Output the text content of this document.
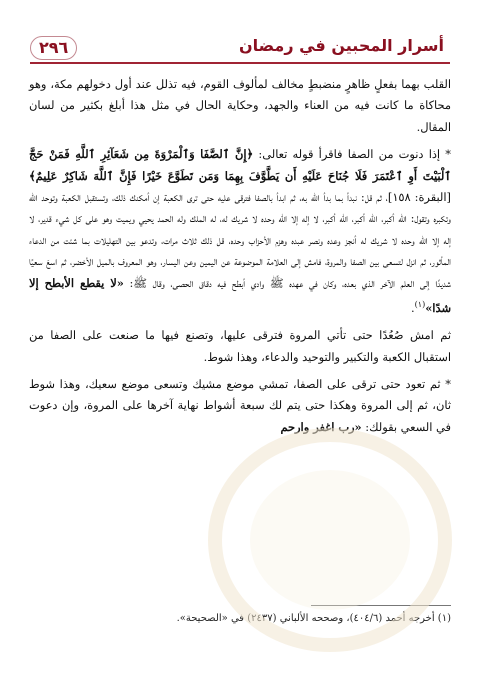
٢٩٦	أسرار المحبين في رمضان

القلب بهما بفعلٍ ظاهرٍ منضبطٍ مخالف لمألوف القوم، فيه تذلل عند أول دخولهم مكة، وهو محاكاة ما كانت فيه من العناء والجهد، وحكاية الحال في مثل هذا أبلغ بكثير من لسان المقال.

* إذا دنوت من الصفا فاقرأ قوله تعالى: ﴿إِنَّ ٱلصَّفَا وَٱلْمَرْوَةَ مِن شَعَآئِرِ ٱللَّهِ فَمَنْ حَجَّ ٱلْبَيْتَ أَوِ ٱعْتَمَرَ فَلَا جُنَاحَ عَلَيْهِ أَن يَطَّوَّفَ بِهِمَا وَمَن تَطَوَّعَ خَيْرًا فَإِنَّ ٱللَّهَ شَاكِرٌ عَلِيمٌ﴾ [البقرة: ١٥٨]، ثم قل: نبدأ بما بدأ الله به، ثم ابدأ بالصفا فترقى عليه حتى ترى الكعبة إن أمكنك ذلك، وتستقبل الكعبة وتوحد الله وتكبره وتقول: الله أكبر، الله أكبر، الله أكبر، لا إله إلا الله وحده لا شريك له، له الملك وله الحمد يحيي ويميت وهو على كل شيء قدير، لا إله إلا الله وحده لا شريك له أنجز وعده ونصر عبده وهزم الأحزاب وحده، قل ذلك ثلاث مرات، وتدعو بين التهليلات بما شئت من الدعاء المأثور، ثم انزل لتسعى بين الصفا والمروة، فامش إلى العلامة الموضوعة عن اليمين وعن اليسار، وهو المعروف بالميل الأخضر، ثم اسعَ سعيًا شديدًا إلى العلم الآخر الذي بعده، وكان في عهده ﷺ وادي أبطح فيه دقاق الحصى، وقال ﷺ: «لا يقطع الأبطح إلا شدًا»$^{(١)}$.

ثم امش صُعُدًا حتى تأتي المروة فترقى عليها، وتصنع فيها ما صنعت على الصفا من استقبال الكعبة والتكبير والتوحيد والدعاء، وهذا شوط.

* ثم تعود حتى ترقى على الصفا، تمشي موضع مشيك وتسعى موضع سعيك، وهذا شوط ثان، ثم إلى المروة وهكذا حتى يتم لك سبعة أشواط نهاية آخرها على المروة، وإن دعوت في السعي بقولك: «رب اغفر وارحم

(١) أخرجه أحمد (٤٠٤/٦)، وصححه الألباني (٢٤٣٧) في «الصحيحة».
